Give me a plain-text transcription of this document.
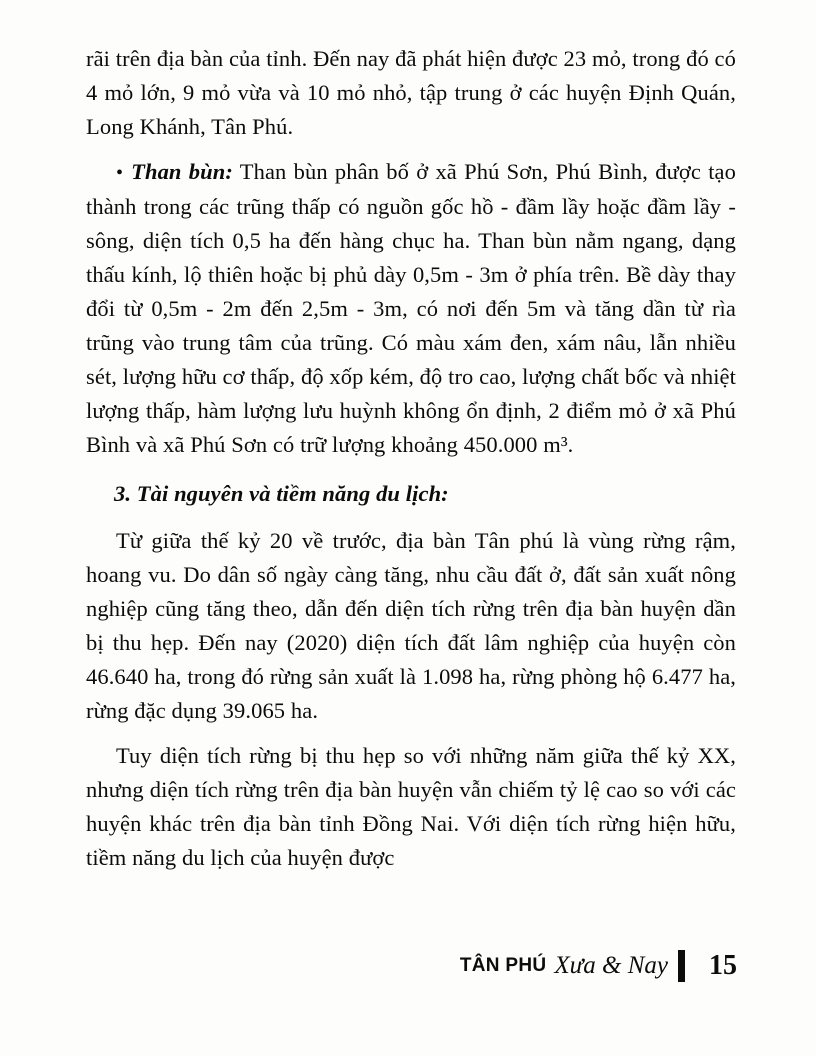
rãi trên địa bàn của tỉnh. Đến nay đã phát hiện được 23 mỏ, trong đó có 4 mỏ lớn, 9 mỏ vừa và 10 mỏ nhỏ, tập trung ở các huyện Định Quán, Long Khánh, Tân Phú.

• Than bùn: Than bùn phân bố ở xã Phú Sơn, Phú Bình, được tạo thành trong các trũng thấp có nguồn gốc hồ - đầm lầy hoặc đầm lầy - sông, diện tích 0,5 ha đến hàng chục ha. Than bùn nằm ngang, dạng thấu kính, lộ thiên hoặc bị phủ dày 0,5m - 3m ở phía trên. Bề dày thay đổi từ 0,5m - 2m đến 2,5m - 3m, có nơi đến 5m và tăng dần từ rìa trũng vào trung tâm của trũng. Có màu xám đen, xám nâu, lẫn nhiều sét, lượng hữu cơ thấp, độ xốp kém, độ tro cao, lượng chất bốc và nhiệt lượng thấp, hàm lượng lưu huỳnh không ổn định, 2 điểm mỏ ở xã Phú Bình và xã Phú Sơn có trữ lượng khoảng 450.000 m³.

3. Tài nguyên và tiềm năng du lịch:

Từ giữa thế kỷ 20 về trước, địa bàn Tân phú là vùng rừng rậm, hoang vu. Do dân số ngày càng tăng, nhu cầu đất ở, đất sản xuất nông nghiệp cũng tăng theo, dẫn đến diện tích rừng trên địa bàn huyện dần bị thu hẹp. Đến nay (2020) diện tích đất lâm nghiệp của huyện còn 46.640 ha, trong đó rừng sản xuất là 1.098 ha, rừng phòng hộ 6.477 ha, rừng đặc dụng 39.065 ha.

Tuy diện tích rừng bị thu hẹp so với những năm giữa thế kỷ XX, nhưng diện tích rừng trên địa bàn huyện vẫn chiếm tỷ lệ cao so với các huyện khác trên địa bàn tỉnh Đồng Nai. Với diện tích rừng hiện hữu, tiềm năng du lịch của huyện được

TÂN PHÚ Xưa & Nay 15
